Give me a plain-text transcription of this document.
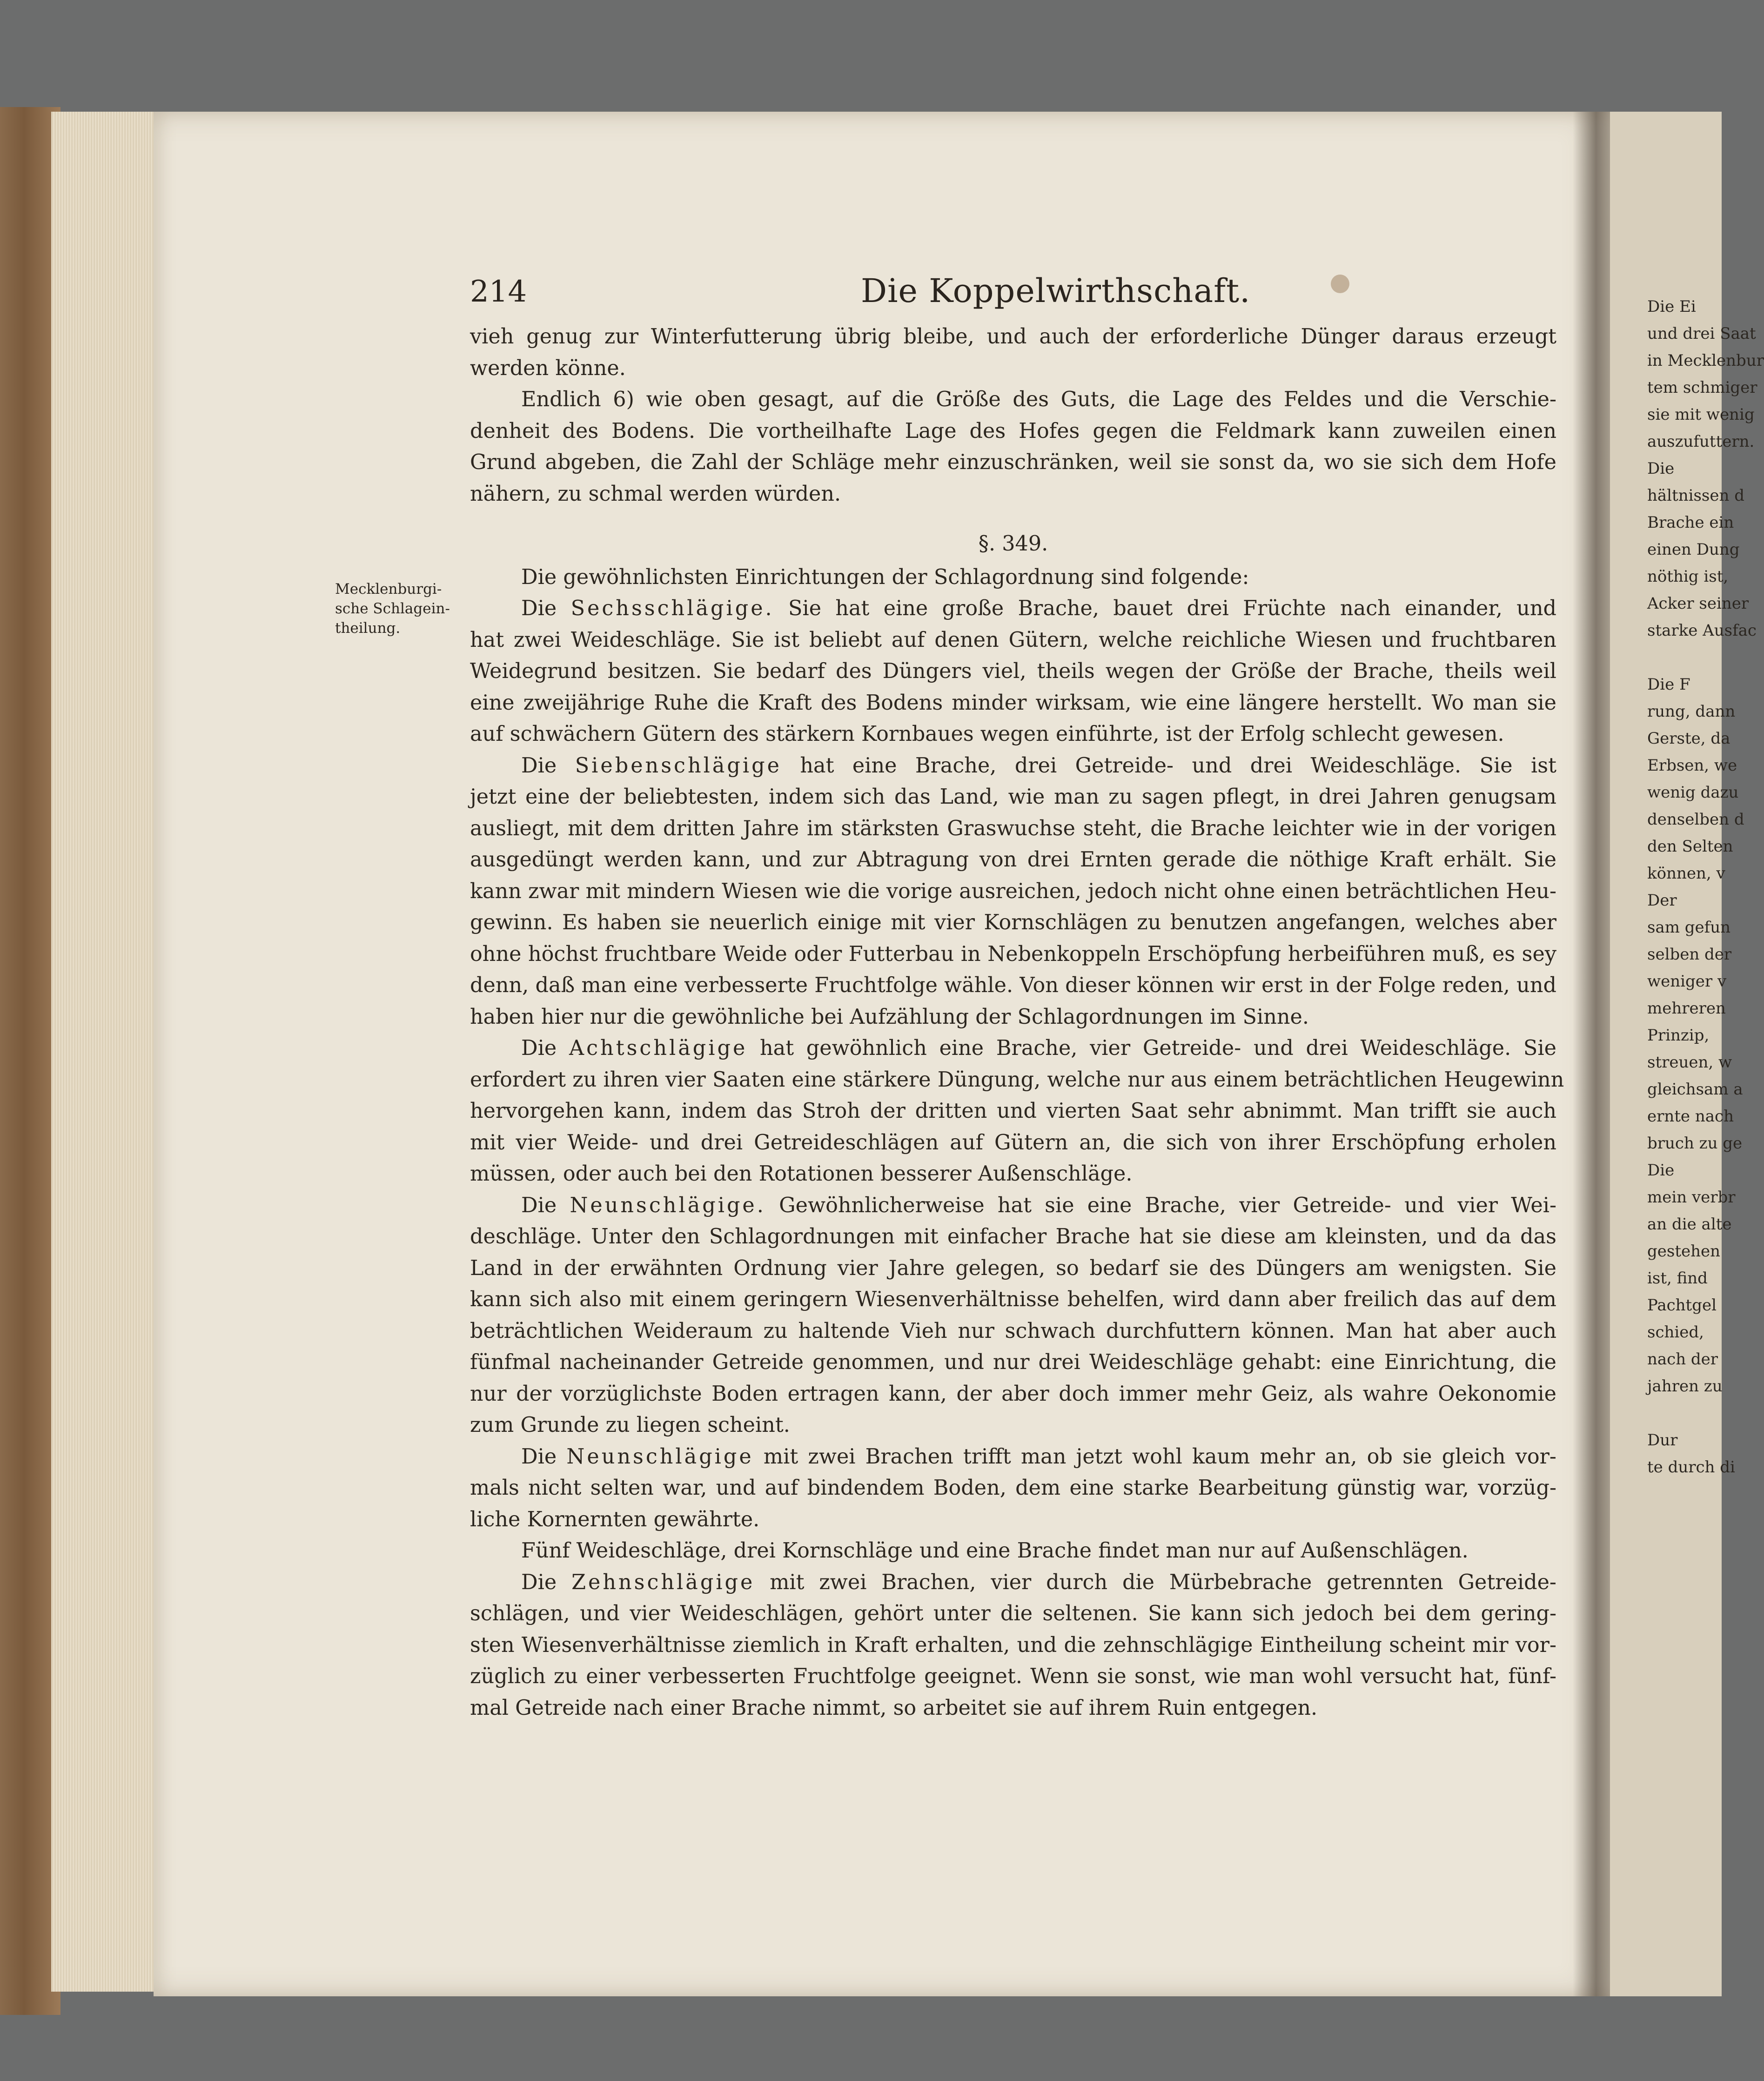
214	Die Koppelwirthschaft.
Mecklenburgi-
sche Schlagein-
theilung.
vieh genug zur Winterfutterung übrig bleibe, und auch der erforderliche Dünger daraus erzeugt
werden könne.
Endlich 6) wie oben gesagt, auf die Größe des Guts, die Lage des Feldes und die Verschie-
denheit des Bodens. Die vortheilhafte Lage des Hofes gegen die Feldmark kann zuweilen einen
Grund abgeben, die Zahl der Schläge mehr einzuschränken, weil sie sonst da, wo sie sich dem Hofe
nähern, zu schmal werden würden.
§. 349.
Die gewöhnlichsten Einrichtungen der Schlagordnung sind folgende:
Die Sechsschlägige. Sie hat eine große Brache, bauet drei Früchte nach einander, und
hat zwei Weideschläge. Sie ist beliebt auf denen Gütern, welche reichliche Wiesen und fruchtbaren
Weidegrund besitzen. Sie bedarf des Düngers viel, theils wegen der Größe der Brache, theils weil
eine zweijährige Ruhe die Kraft des Bodens minder wirksam, wie eine längere herstellt. Wo man sie
auf schwächern Gütern des stärkern Kornbaues wegen einführte, ist der Erfolg schlecht gewesen.
Die Siebenschlägige hat eine Brache, drei Getreide- und drei Weideschläge. Sie ist
jetzt eine der beliebtesten, indem sich das Land, wie man zu sagen pflegt, in drei Jahren genugsam
ausliegt, mit dem dritten Jahre im stärksten Graswuchse steht, die Brache leichter wie in der vorigen
ausgedüngt werden kann, und zur Abtragung von drei Ernten gerade die nöthige Kraft erhält. Sie
kann zwar mit mindern Wiesen wie die vorige ausreichen, jedoch nicht ohne einen beträchtlichen Heu-
gewinn. Es haben sie neuerlich einige mit vier Kornschlägen zu benutzen angefangen, welches aber
ohne höchst fruchtbare Weide oder Futterbau in Nebenkoppeln Erschöpfung herbeiführen muß, es sey
denn, daß man eine verbesserte Fruchtfolge wähle. Von dieser können wir erst in der Folge reden, und
haben hier nur die gewöhnliche bei Aufzählung der Schlagordnungen im Sinne.
Die Achtschlägige hat gewöhnlich eine Brache, vier Getreide- und drei Weideschläge. Sie
erfordert zu ihren vier Saaten eine stärkere Düngung, welche nur aus einem beträchtlichen Heugewinn
hervorgehen kann, indem das Stroh der dritten und vierten Saat sehr abnimmt. Man trifft sie auch
mit vier Weide- und drei Getreideschlägen auf Gütern an, die sich von ihrer Erschöpfung erholen
müssen, oder auch bei den Rotationen besserer Außenschläge.
Die Neunschlägige. Gewöhnlicherweise hat sie eine Brache, vier Getreide- und vier Wei-
deschläge. Unter den Schlagordnungen mit einfacher Brache hat sie diese am kleinsten, und da das
Land in der erwähnten Ordnung vier Jahre gelegen, so bedarf sie des Düngers am wenigsten. Sie
kann sich also mit einem geringern Wiesenverhältnisse behelfen, wird dann aber freilich das auf dem
beträchtlichen Weideraum zu haltende Vieh nur schwach durchfuttern können. Man hat aber auch
fünfmal nacheinander Getreide genommen, und nur drei Weideschläge gehabt: eine Einrichtung, die
nur der vorzüglichste Boden ertragen kann, der aber doch immer mehr Geiz, als wahre Oekonomie
zum Grunde zu liegen scheint.
Die Neunschlägige mit zwei Brachen trifft man jetzt wohl kaum mehr an, ob sie gleich vor-
mals nicht selten war, und auf bindendem Boden, dem eine starke Bearbeitung günstig war, vorzüg-
liche Kornernten gewährte.
Fünf Weideschläge, drei Kornschläge und eine Brache findet man nur auf Außenschlägen.
Die Zehnschlägige mit zwei Brachen, vier durch die Mürbebrache getrennten Getreide-
schlägen, und vier Weideschlägen, gehört unter die seltenen. Sie kann sich jedoch bei dem gering-
sten Wiesenverhältnisse ziemlich in Kraft erhalten, und die zehnschlägige Eintheilung scheint mir vor-
züglich zu einer verbesserten Fruchtfolge geeignet. Wenn sie sonst, wie man wohl versucht hat, fünf-
mal Getreide nach einer Brache nimmt, so arbeitet sie auf ihrem Ruin entgegen.
Die Ei
und drei Saat
in Mecklenbur
tem schmiger
sie mit wenig
auszufuttern.
Die
hältnissen d
Brache ein
einen Dung
nöthig ist,
Acker seiner
starke Ausfac

Die F
rung, dann
Gerste, da
Erbsen, we
wenig dazu
denselben d
den Selten
können, v
Der
sam gefun
selben der
weniger v
mehreren
Prinzip,
streuen, w
gleichsam a
ernte nach
bruch zu ge
Die
mein verbr
an die alte
gestehen
ist, find
Pachtgel
schied,
nach der
jahren zu

Dur
te durch di
